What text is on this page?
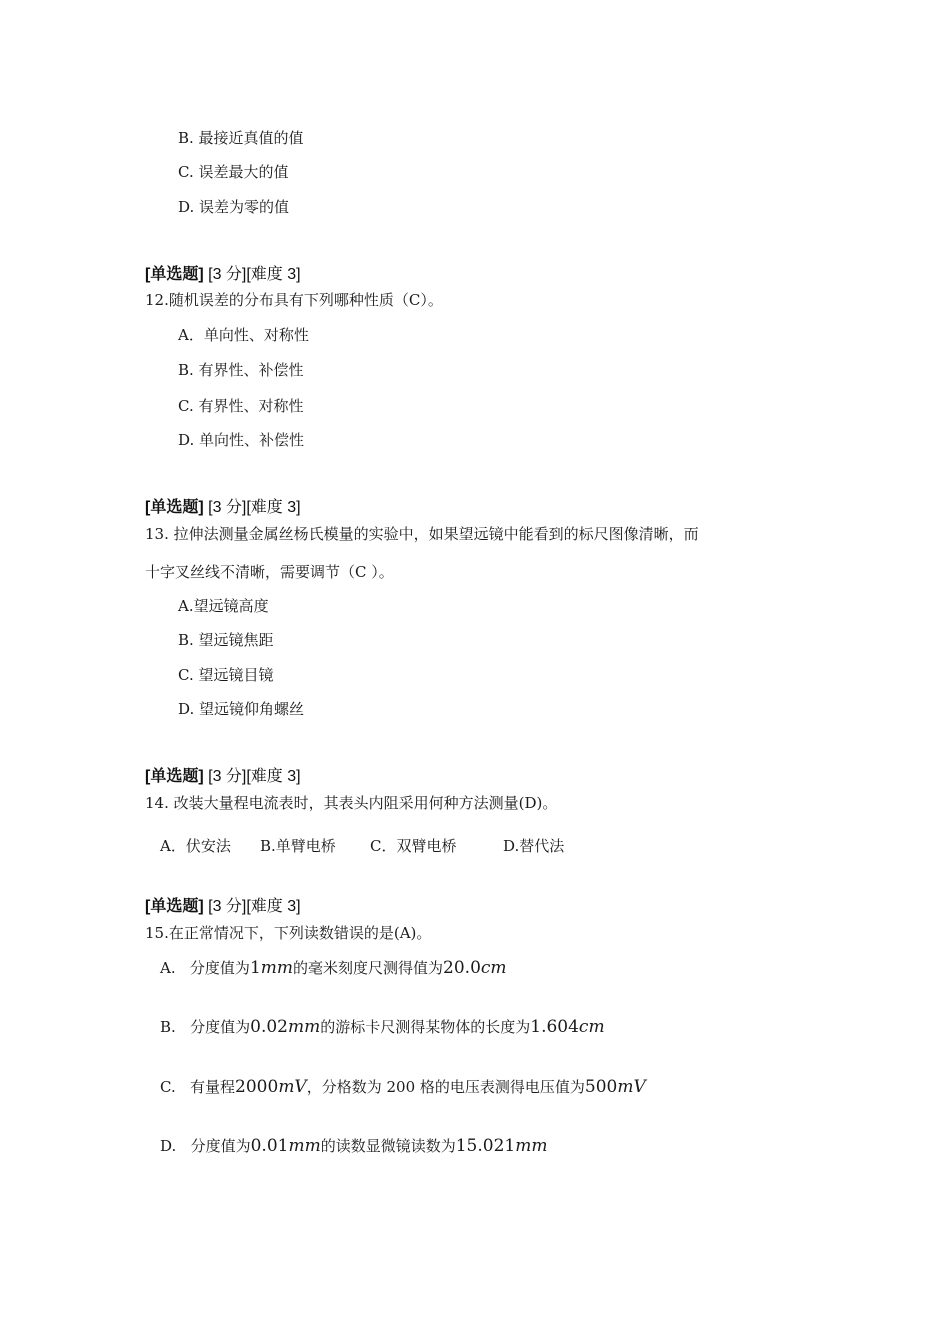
B. 最接近真值的值
C. 误差最大的值
D. 误差为零的值
[单选题] [3 分][难度 3]
12.随机误差的分布具有下列哪种性质（C）。
A．单向性、对称性
B. 有界性、补偿性
C. 有界性、对称性
D. 单向性、补偿性
[单选题] [3 分][难度 3]
13. 拉伸法测量金属丝杨氏模量的实验中，如果望远镜中能看到的标尺图像清晰，而
十字叉丝线不清晰，需要调节（C ）。
A.望远镜高度
B. 望远镜焦距
C. 望远镜目镜
D. 望远镜仰角螺丝
[单选题] [3 分][难度 3]
14. 改装大量程电流表时，其表头内阻采用何种方法测量(D)。
A．伏安法 B.单臂电桥 C．双臂电桥	D.替代法
[单选题] [3 分][难度 3]
15.在正常情况下，下列读数错误的是(A)。
A. 分度值为1mm的毫米刻度尺测得值为20.0cm
B. 分度值为0.02mm的游标卡尺测得某物体的长度为1.604cm
C. 有量程2000mV，分格数为 200 格的电压表测得电压值为500mV
D. 分度值为0.01mm的读数显微镜读数为15.021mm
